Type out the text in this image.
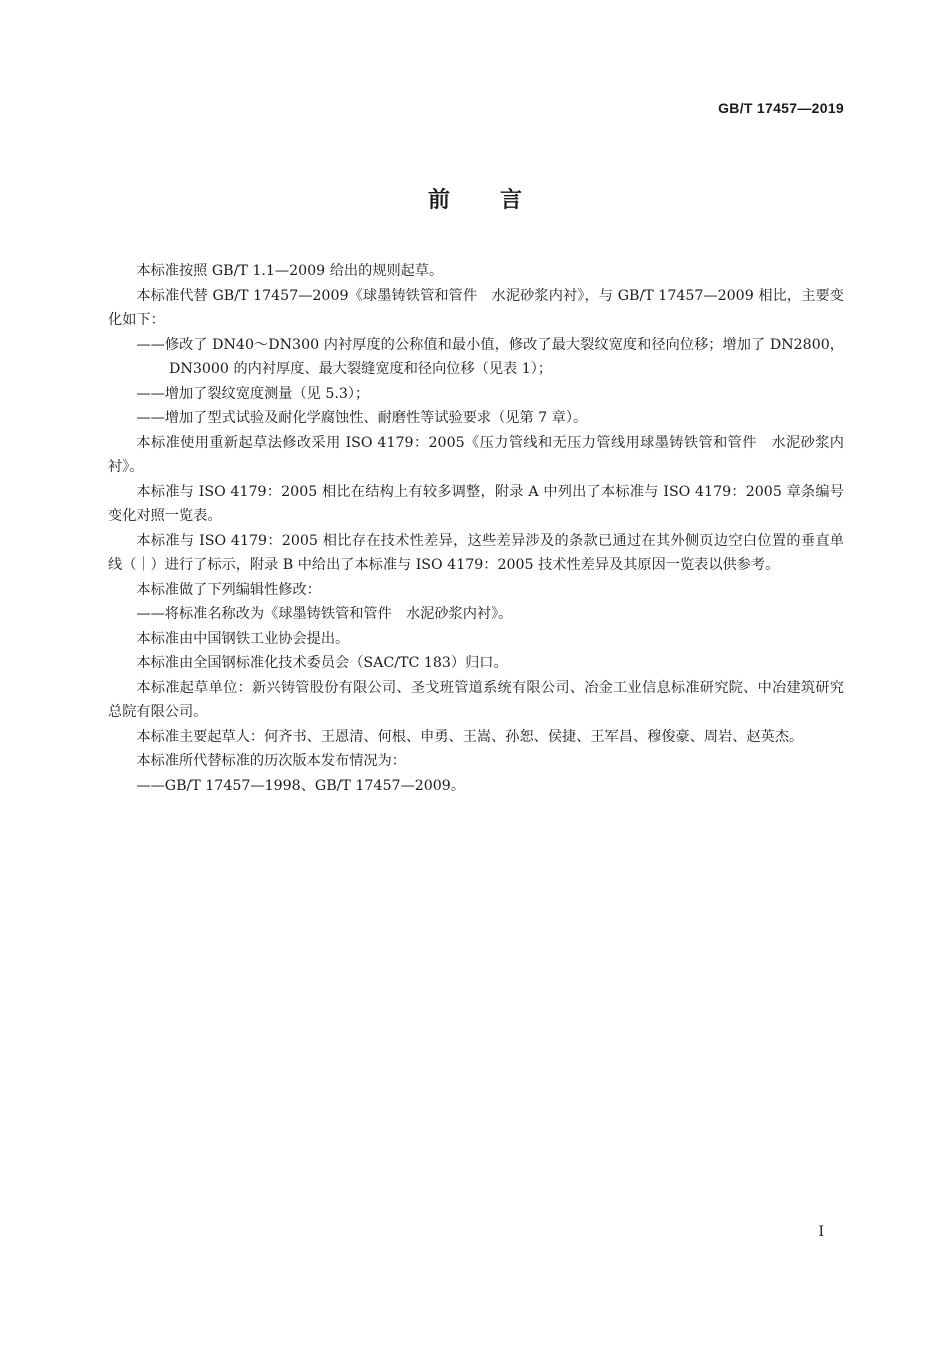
GB/T 17457—2019
前言

本标准按照 GB/T 1.1—2009 给出的规则起草。

本标准代替 GB/T 17457—2009《球墨铸铁管和管件　水泥砂浆内衬》，与 GB/T 17457—2009 相比，主要变化如下：

——修改了 DN40～DN300 内衬厚度的公称值和最小值，修改了最大裂纹宽度和径向位移；增加了 DN2800，DN3000 的内衬厚度、最大裂缝宽度和径向位移（见表 1）；

——增加了裂纹宽度测量（见 5.3）；

——增加了型式试验及耐化学腐蚀性、耐磨性等试验要求（见第 7 章）。

本标准使用重新起草法修改采用 ISO 4179：2005《压力管线和无压力管线用球墨铸铁管和管件　水泥砂浆内衬》。

本标准与 ISO 4179：2005 相比在结构上有较多调整，附录 A 中列出了本标准与 ISO 4179：2005 章条编号变化对照一览表。

本标准与 ISO 4179：2005 相比存在技术性差异，这些差异涉及的条款已通过在其外侧页边空白位置的垂直单线（｜）进行了标示，附录 B 中给出了本标准与 ISO 4179：2005 技术性差异及其原因一览表以供参考。

本标准做了下列编辑性修改：

——将标准名称改为《球墨铸铁管和管件　水泥砂浆内衬》。

本标准由中国钢铁工业协会提出。

本标准由全国钢标准化技术委员会（SAC/TC 183）归口。

本标准起草单位：新兴铸管股份有限公司、圣戈班管道系统有限公司、冶金工业信息标准研究院、中冶建筑研究总院有限公司。

本标准主要起草人：何齐书、王恩清、何根、申勇、王嵩、孙恕、侯捷、王军昌、穆俊豪、周岩、赵英杰。

本标准所代替标准的历次版本发布情况为：

——GB/T 17457—1998、GB/T 17457—2009。

I
